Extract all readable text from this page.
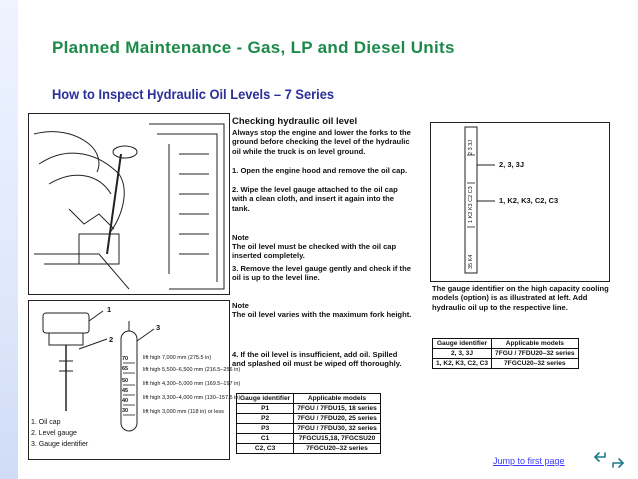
Planned Maintenance - Gas, LP and Diesel Units
How to Inspect Hydraulic Oil Levels – 7 Series
1
2
3
70
65
50
45
40
30
lift high 7,000 mm (275.5 in)
lift high 5,500–6,500 mm (216.5–256 in)
lift high 4,300–5,000 mm (169.5–197 in)
lift high 3,300–4,000 mm (130–157.5 in)
lift high 3,000 mm (118 in) or less
1. Oil cap
2. Level gauge
3. Gauge identifier
Checking hydraulic oil level
Always stop the engine and lower the forks to the ground before checking the level of the hydraulic oil while the truck is on level ground.
1. Open the engine hood and remove the oil cap.
2. Wipe the level gauge attached to the oil cap with a clean cloth, and insert it again into the tank.
Note
The oil level must be checked with the oil cap inserted completely.
3. Remove the level gauge gently and check if the oil is up to the level line.
Note
The oil level varies with the maximum fork height.
4. If the oil level is insufficient, add oil. Spilled and splashed oil must be wiped off thoroughly.
Gauge identifier	Applicable models
P1	7FGU / 7FDU15, 18 series
P2	7FGU / 7FDU20, 25 series
P3	7FGU / 7FDU30, 32 series
C1	7FGCU15,18, 7FGCSU20
C2, C3	7FGCU20–32 series
2 3 3J
1 K2 K3 C2 C3
35 K4
2, 3, 3J
1, K2, K3, C2, C3
The gauge identifier on the high capacity cooling models (option) is as illustrated at left. Add hydraulic oil up to the respective line.
Gauge identifier	Applicable models
2, 3, 3J	7FGU / 7FDU20–32 series
1, K2, K3, C2, C3	7FGCU20–32 series
Jump to first page
